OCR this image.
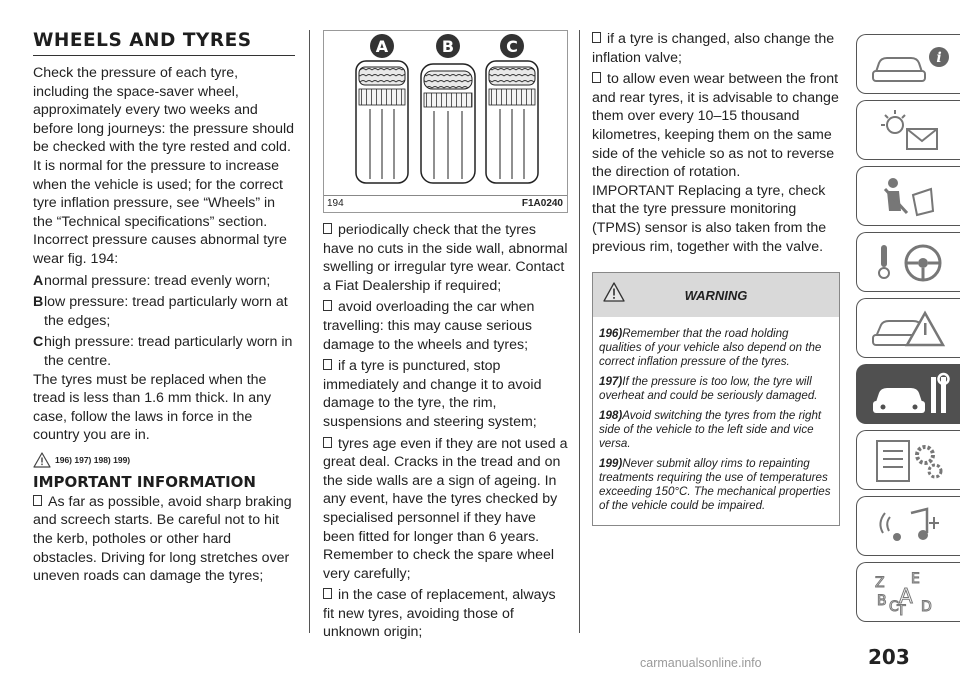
WHEELS AND TYRES

Check the pressure of each tyre, including the space-saver wheel, approximately every two weeks and before long journeys: the pressure should be checked with the tyre rested and cold.

It is normal for the pressure to increase when the vehicle is used; for the correct tyre inflation pressure, see “Wheels” in the “Technical specifications” section.

Incorrect pressure causes abnormal tyre wear fig. 194:

A normal pressure: tread evenly worn;
B low pressure: tread particularly worn at the edges;
C high pressure: tread particularly worn in the centre.

The tyres must be replaced when the tread is less than 1.6 mm thick. In any case, follow the laws in force in the country you are in.

196) 197) 198) 199)
IMPORTANT INFORMATION

As far as possible, avoid sharp braking and screech starts. Be careful not to hit the kerb, potholes or other hard obstacles. Driving for long stretches over uneven roads can damage the tyres;

A	B	C
194	F1A0240

periodically check that the tyres have no cuts in the side wall, abnormal swelling or irregular tyre wear. Contact a Fiat Dealership if required;

avoid overloading the car when travelling: this may cause serious damage to the wheels and tyres;

if a tyre is punctured, stop immediately and change it to avoid damage to the tyre, the rim, suspensions and steering system;

tyres age even if they are not used a great deal. Cracks in the tread and on the side walls are a sign of ageing. In any event, have the tyres checked by specialised personnel if they have been fitted for longer than 6 years. Remember to check the spare wheel very carefully;

in the case of replacement, always fit new tyres, avoiding those of unknown origin;

if a tyre is changed, also change the inflation valve;

to allow even wear between the front and rear tyres, it is advisable to change them over every 10–15 thousand kilometres, keeping them on the same side of the vehicle so as not to reverse the direction of rotation.

IMPORTANT Replacing a tyre, check that the tyre pressure monitoring (TPMS) sensor is also taken from the previous rim, together with the valve.

WARNING

196)Remember that the road holding qualities of your vehicle also depend on the correct inflation pressure of the tyres.

197)If the pressure is too low, the tyre will overheat and could be seriously damaged.

198)Avoid switching the tyres from the right side of the vehicle to the left side and vice versa.

199)Never submit alloy rims to repainting treatments requiring the use of temperatures exceeding 150°C. The mechanical properties of the vehicle could be impaired.

i
Z E
A
B C
T D
203
carmanualsonline.info
